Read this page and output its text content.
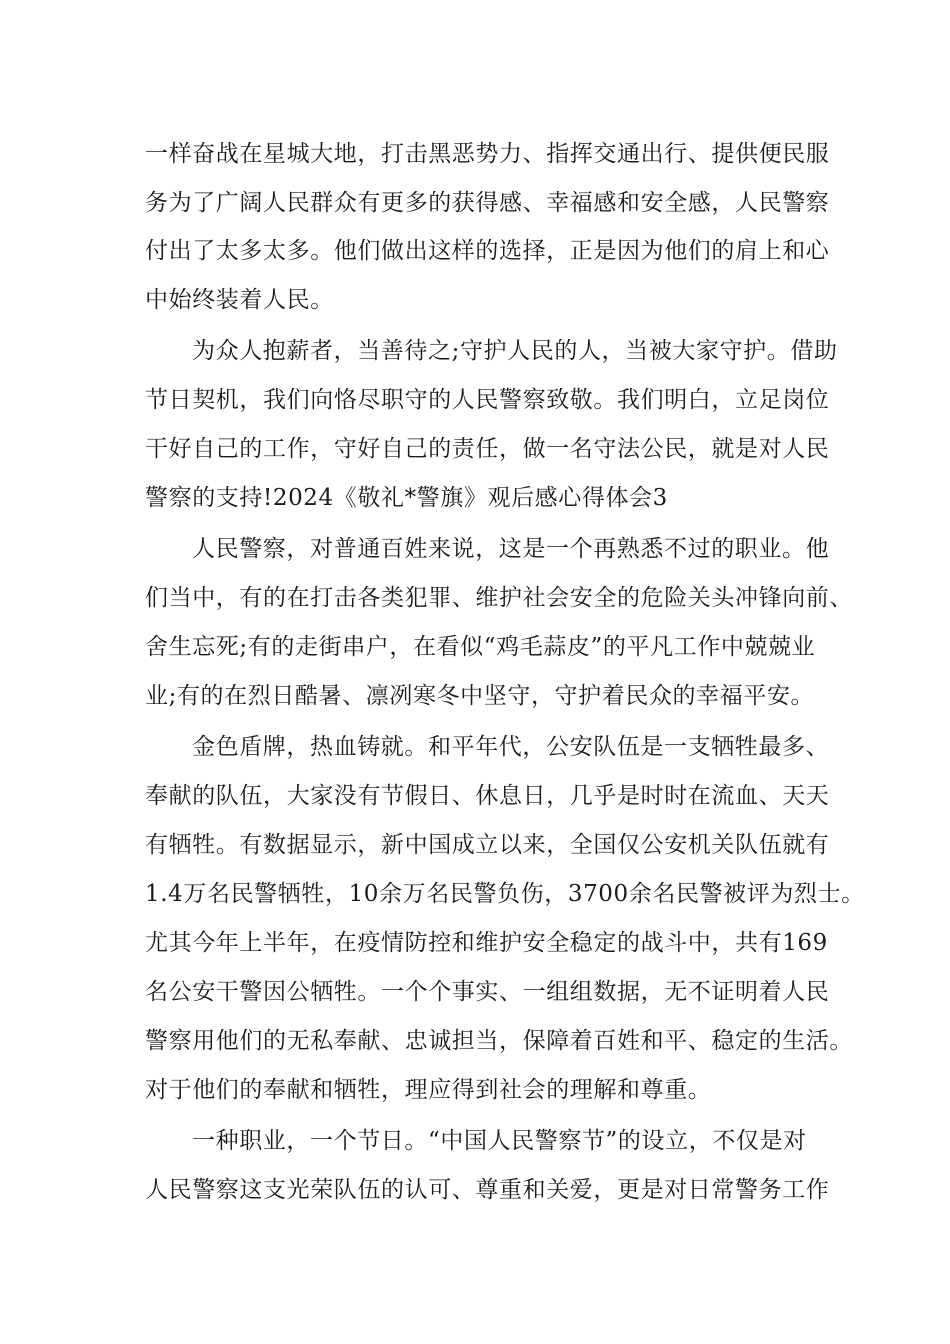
一样奋战在星城大地，打击黑恶势力、指挥交通出行、提供便民服
务为了广阔人民群众有更多的获得感、幸福感和安全感，人民警察
付出了太多太多。他们做出这样的选择，正是因为他们的肩上和心
中始终装着人民。
为众人抱薪者，当善待之;守护人民的人，当被大家守护。借助
节日契机，我们向恪尽职守的人民警察致敬。我们明白，立足岗位
干好自己的工作，守好自己的责任，做一名守法公民，就是对人民
警察的支持!2024《敬礼*警旗》观后感心得体会3
人民警察，对普通百姓来说，这是一个再熟悉不过的职业。他
们当中，有的在打击各类犯罪、维护社会安全的危险关头冲锋向前、
舍生忘死;有的走街串户，在看似“鸡毛蒜皮”的平凡工作中兢兢业
业;有的在烈日酷暑、凛冽寒冬中坚守，守护着民众的幸福平安。
金色盾牌，热血铸就。和平年代，公安队伍是一支牺牲最多、
奉献的队伍，大家没有节假日、休息日，几乎是时时在流血、天天
有牺牲。有数据显示，新中国成立以来，全国仅公安机关队伍就有
1.4万名民警牺牲，10余万名民警负伤，3700余名民警被评为烈士。
尤其今年上半年，在疫情防控和维护安全稳定的战斗中，共有169
名公安干警因公牺牲。一个个事实、一组组数据，无不证明着人民
警察用他们的无私奉献、忠诚担当，保障着百姓和平、稳定的生活。
对于他们的奉献和牺牲，理应得到社会的理解和尊重。
一种职业，一个节日。“中国人民警察节”的设立，不仅是对
人民警察这支光荣队伍的认可、尊重和关爱，更是对日常警务工作
